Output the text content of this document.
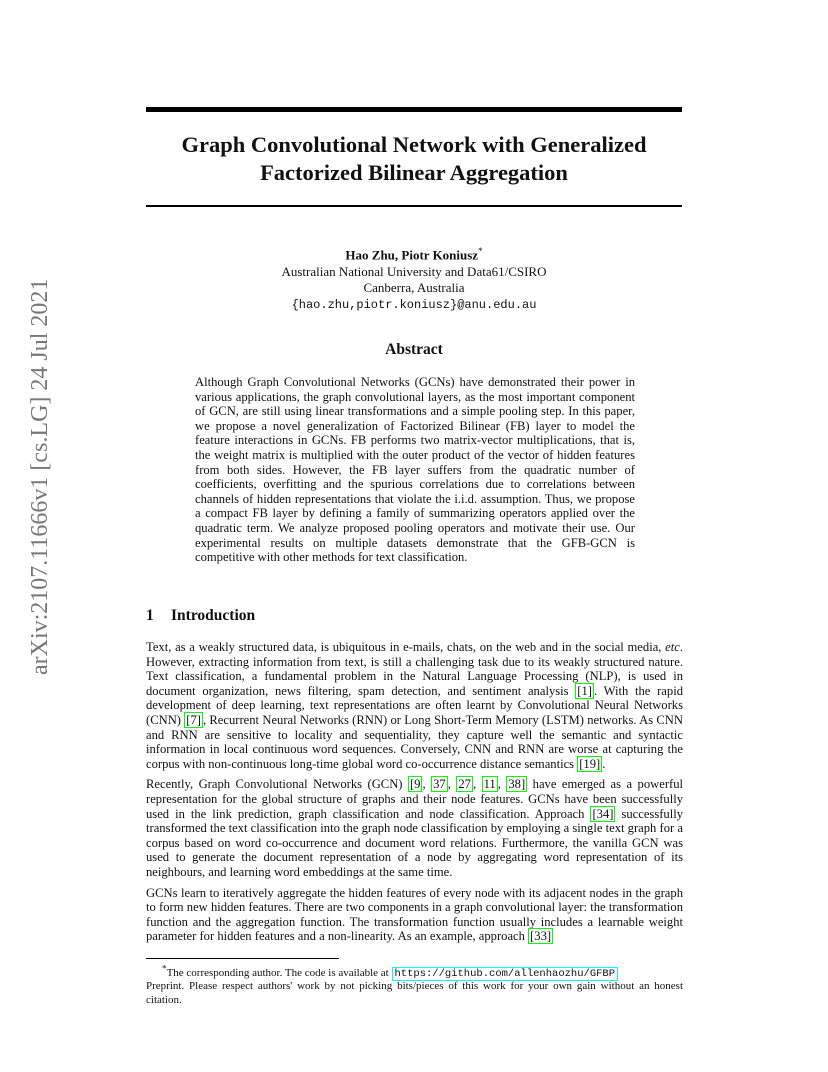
arXiv:2107.11666v1 [cs.LG] 24 Jul 2021
Graph Convolutional Network with Generalized
Factorized Bilinear Aggregation
Hao Zhu, Piotr Koniusz*
Australian National University and Data61/CSIRO
Canberra, Australia
{hao.zhu,piotr.koniusz}@anu.edu.au
Abstract

Although Graph Convolutional Networks (GCNs) have demonstrated their power in various applications, the graph convolutional layers, as the most important component of GCN, are still using linear transformations and a simple pooling step. In this paper, we propose a novel generalization of Factorized Bilinear (FB) layer to model the feature interactions in GCNs. FB performs two matrix-vector multiplications, that is, the weight matrix is multiplied with the outer product of the vector of hidden features from both sides. However, the FB layer suffers from the quadratic number of coefficients, overfitting and the spurious correlations due to correlations between channels of hidden representations that violate the i.i.d. assumption. Thus, we propose a compact FB layer by defining a family of summarizing operators applied over the quadratic term. We analyze proposed pooling operators and motivate their use. Our experimental results on multiple datasets demonstrate that the GFB-GCN is competitive with other methods for text classification.

1 Introduction

Text, as a weakly structured data, is ubiquitous in e-mails, chats, on the web and in the social media, etc. However, extracting information from text, is still a challenging task due to its weakly structured nature. Text classification, a fundamental problem in the Natural Language Processing (NLP), is used in document organization, news filtering, spam detection, and sentiment analysis [1] . With the rapid development of deep learning, text representations are often learnt by Convolutional Neural Networks (CNN) [7] , Recurrent Neural Networks (RNN) or Long Short-Term Memory (LSTM) networks. As CNN and RNN are sensitive to locality and sequentiality, they capture well the semantic and syntactic information in local continuous word sequences. Conversely, CNN and RNN are worse at capturing the corpus with non-continuous long-time global word co-occurrence distance semantics [19] .

Recently, Graph Convolutional Networks (GCN) [9 , 37 , 27 , 11 , 38] have emerged as a powerful representation for the global structure of graphs and their node features. GCNs have been successfully used in the link prediction, graph classification and node classification. Approach [34] successfully transformed the text classification into the graph node classification by employing a single text graph for a corpus based on word co-occurrence and document word relations. Furthermore, the vanilla GCN was used to generate the document representation of a node by aggregating word representation of its neighbours, and learning word embeddings at the same time.

GCNs learn to iteratively aggregate the hidden features of every node with its adjacent nodes in the graph to form new hidden features. There are two components in a graph convolutional layer: the transformation function and the aggregation function. The transformation function usually includes a learnable weight parameter for hidden features and a non-linearity. As an example, approach [33]

*The corresponding author. The code is available at https://github.com/allenhaozhu/GFBP
Preprint. Please respect authors' work by not picking bits/pieces of this work for your own gain without an honest citation.
